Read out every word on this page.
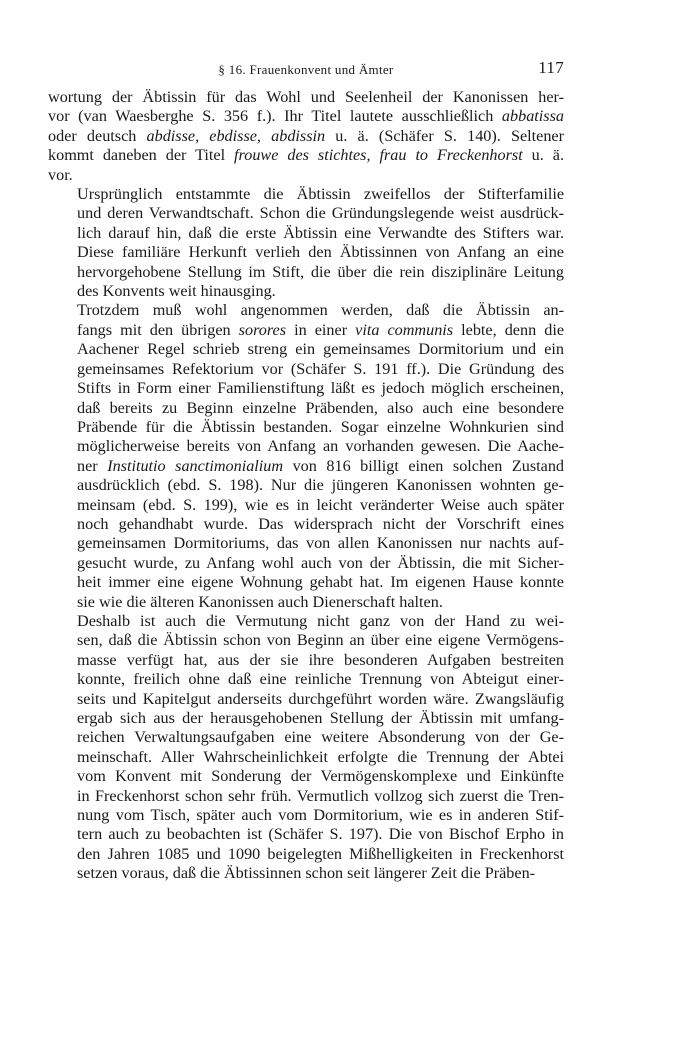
§ 16. Frauenkonvent und Ämter	117

wortung der Äbtissin für das Wohl und Seelenheil der Kanonissen her-
vor (van Waesberghe S. 356 f.). Ihr Titel lautete ausschließlich abbatissa
oder deutsch abdisse, ebdisse, abdissin u. ä. (Schäfer S. 140). Seltener
kommt daneben der Titel frouwe des stichtes, frau to Freckenhorst u. ä.
vor.

Ursprünglich entstammte die Äbtissin zweifellos der Stifterfamilie
und deren Verwandtschaft. Schon die Gründungslegende weist ausdrück-
lich darauf hin, daß die erste Äbtissin eine Verwandte des Stifters war.
Diese familiäre Herkunft verlieh den Äbtissinnen von Anfang an eine
hervorgehobene Stellung im Stift, die über die rein disziplinäre Leitung
des Konvents weit hinausging.

Trotzdem muß wohl angenommen werden, daß die Äbtissin an-
fangs mit den übrigen sorores in einer vita communis lebte, denn die
Aachener Regel schrieb streng ein gemeinsames Dormitorium und ein
gemeinsames Refektorium vor (Schäfer S. 191 ff.). Die Gründung des
Stifts in Form einer Familienstiftung läßt es jedoch möglich erscheinen,
daß bereits zu Beginn einzelne Präbenden, also auch eine besondere
Präbende für die Äbtissin bestanden. Sogar einzelne Wohnkurien sind
möglicherweise bereits von Anfang an vorhanden gewesen. Die Aache-
ner Institutio sanctimonialium von 816 billigt einen solchen Zustand
ausdrücklich (ebd. S. 198). Nur die jüngeren Kanonissen wohnten ge-
meinsam (ebd. S. 199), wie es in leicht veränderter Weise auch später
noch gehandhabt wurde. Das widersprach nicht der Vorschrift eines
gemeinsamen Dormitoriums, das von allen Kanonissen nur nachts auf-
gesucht wurde, zu Anfang wohl auch von der Äbtissin, die mit Sicher-
heit immer eine eigene Wohnung gehabt hat. Im eigenen Hause konnte
sie wie die älteren Kanonissen auch Dienerschaft halten.

Deshalb ist auch die Vermutung nicht ganz von der Hand zu wei-
sen, daß die Äbtissin schon von Beginn an über eine eigene Vermögens-
masse verfügt hat, aus der sie ihre besonderen Aufgaben bestreiten
konnte, freilich ohne daß eine reinliche Trennung von Abteigut einer-
seits und Kapitelgut anderseits durchgeführt worden wäre. Zwangsläufig
ergab sich aus der herausgehobenen Stellung der Äbtissin mit umfang-
reichen Verwaltungsaufgaben eine weitere Absonderung von der Ge-
meinschaft. Aller Wahrscheinlichkeit erfolgte die Trennung der Abtei
vom Konvent mit Sonderung der Vermögenskomplexe und Einkünfte
in Freckenhorst schon sehr früh. Vermutlich vollzog sich zuerst die Tren-
nung vom Tisch, später auch vom Dormitorium, wie es in anderen Stif-
tern auch zu beobachten ist (Schäfer S. 197). Die von Bischof Erpho in
den Jahren 1085 und 1090 beigelegten Mißhelligkeiten in Freckenhorst
setzen voraus, daß die Äbtissinnen schon seit längerer Zeit die Präben-
